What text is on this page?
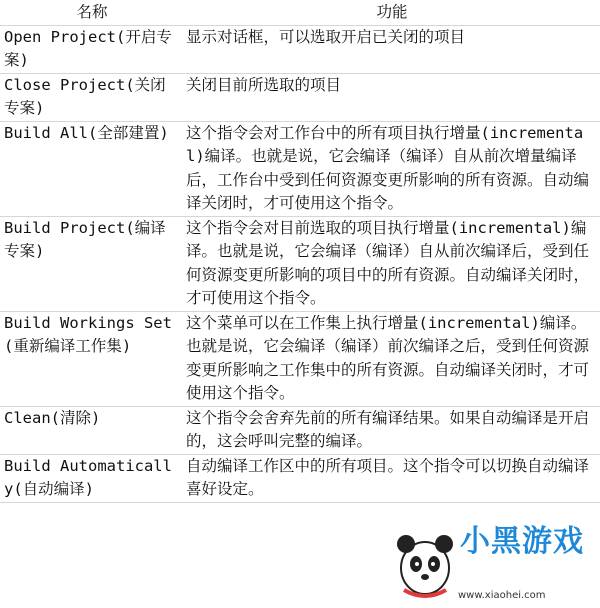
名称	功能
Open Project(开启专案)	显示对话框，可以选取开启已关闭的项目
Close Project(关闭专案)	关闭目前所选取的项目
Build All(全部建置)	这个指令会对工作台中的所有项目执行增量(incremental)编译。也就是说，它会编译（编译）自从前次增量编译后，工作台中受到任何资源变更所影响的所有资源。自动编译关闭时，才可使用这个指令。
Build Project(编译专案)	这个指令会对目前选取的项目执行增量(incremental)编译。也就是说，它会编译（编译）自从前次编译后，受到任何资源变更所影响的项目中的所有资源。自动编译关闭时，才可使用这个指令。
Build Workings Set(重新编译工作集)	这个菜单可以在工作集上执行增量(incremental)编译。也就是说，它会编译（编译）前次编译之后，受到任何资源变更所影响之工作集中的所有资源。自动编译关闭时，才可使用这个指令。
Clean(清除)	这个指令会舍弃先前的所有编译结果。如果自动编译是开启的，这会呼叫完整的编译。
Build Automatically(自动编译)	自动编译工作区中的所有项目。这个指令可以切换自动编译喜好设定。
小黑游戏
www.xiaohei.com
